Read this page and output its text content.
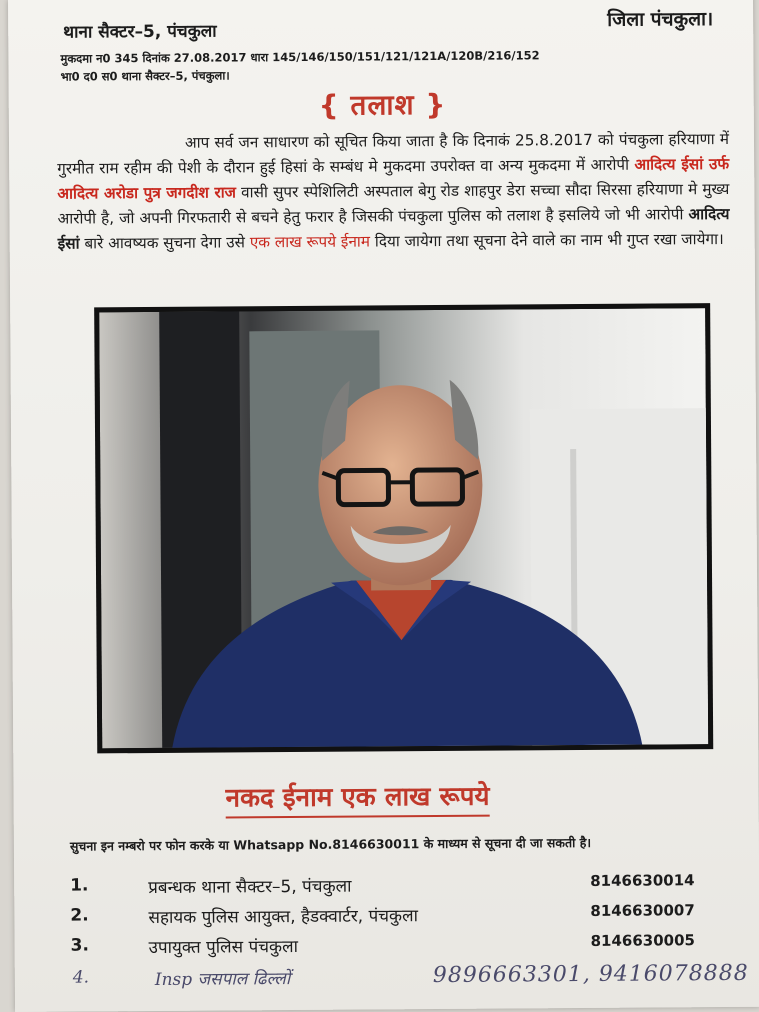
थाना सैक्टर–5, पंचकुला
जिला पंचकुला।
मुकदमा न0 345 दिनांक 27.08.2017 धारा 145/146/150/151/121/121A/120B/216/152
भा0 द0 स0 थाना सैक्टर–5, पंचकुला।
{ तलाश }
आप सर्व जन साधारण को सूचित किया जाता है कि दिनाकं 25.8.2017 को पंचकुला हरियाणा में गुरमीत राम रहीम की पेशी के दौरान हुई हिसां के सम्बंध मे मुकदमा उपरोक्त वा अन्य मुकदमा में आरोपी आदित्य ईसां उर्फ आदित्य अरोडा पुत्र जगदीश राज वासी सुपर स्पेशिलिटी अस्पताल बेगु रोड शाहपुर डेरा सच्चा सौदा सिरसा हरियाणा मे मुख्य आरोपी है, जो अपनी गिरफतारी से बचने हेतु फरार है जिसकी पंचकुला पुलिस को तलाश है इसलिये जो भी आरोपी आदित्य ईसां बारे आवष्यक सुचना देगा उसे एक लाख रूपये ईनाम दिया जायेगा तथा सूचना देने वाले का नाम भी गुप्त रखा जायेगा।
नकद ईनाम एक लाख रूपये
सुचना इन नम्बरो पर फोन करके या Whatsapp No.8146630011 के माध्यम से सूचना दी जा सकती है।
1.	प्रबन्धक थाना सैक्टर–5, पंचकुला	8146630014
2.	सहायक पुलिस आयुक्त, हैडक्वार्टर, पंचकुला	8146630007
3.	उपायुक्त पुलिस पंचकुला	8146630005
4.	Insp जसपाल ढिल्लों	9896663301, 9416078888
